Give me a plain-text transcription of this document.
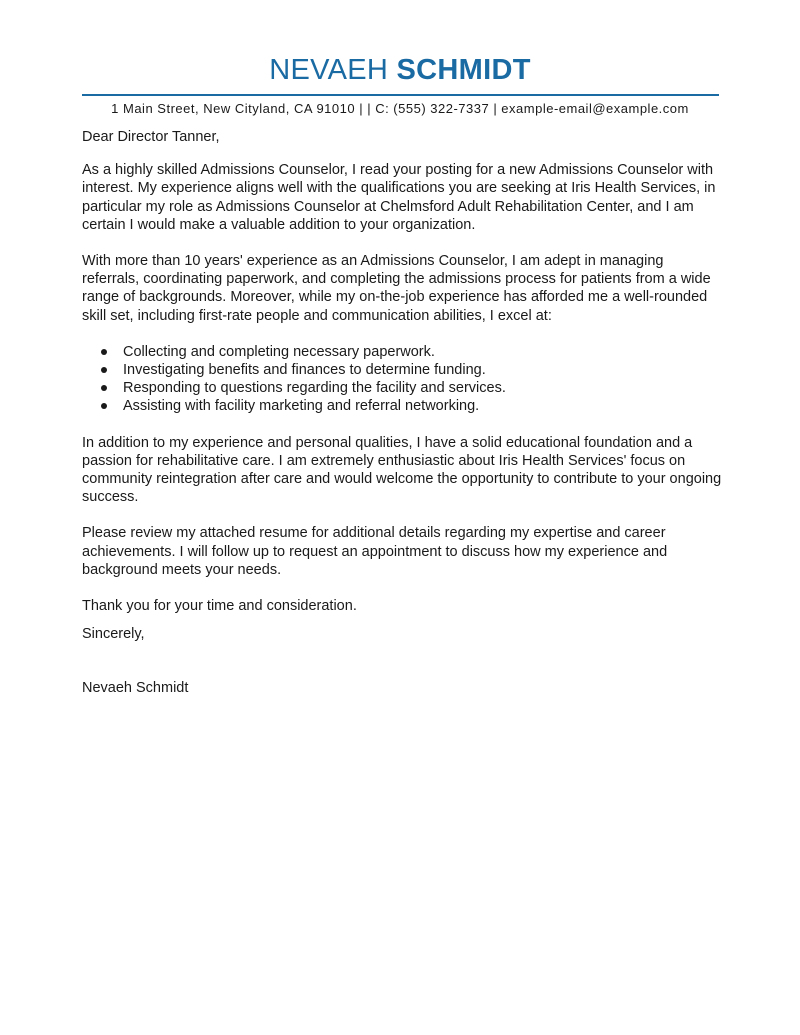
NEVAEH SCHMIDT
1 Main Street, New Cityland, CA 91010 | | C: (555) 322-7337 | example-email@example.com

Dear Director Tanner,

As a highly skilled Admissions Counselor, I read your posting for a new Admissions Counselor with interest. My experience aligns well with the qualifications you are seeking at Iris Health Services, in particular my role as Admissions Counselor at Chelmsford Adult Rehabilitation Center, and I am certain I would make a valuable addition to your organization.

With more than 10 years' experience as an Admissions Counselor, I am adept in managing referrals, coordinating paperwork, and completing the admissions process for patients from a wide range of backgrounds. Moreover, while my on-the-job experience has afforded me a well-rounded skill set, including first-rate people and communication abilities, I excel at:

Collecting and completing necessary paperwork.
Investigating benefits and finances to determine funding.
Responding to questions regarding the facility and services.
Assisting with facility marketing and referral networking.

In addition to my experience and personal qualities, I have a solid educational foundation and a passion for rehabilitative care. I am extremely enthusiastic about Iris Health Services' focus on community reintegration after care and would welcome the opportunity to contribute to your ongoing success.

Please review my attached resume for additional details regarding my expertise and career achievements. I will follow up to request an appointment to discuss how my experience and background meets your needs.

Thank you for your time and consideration.

Sincerely,

Nevaeh Schmidt
